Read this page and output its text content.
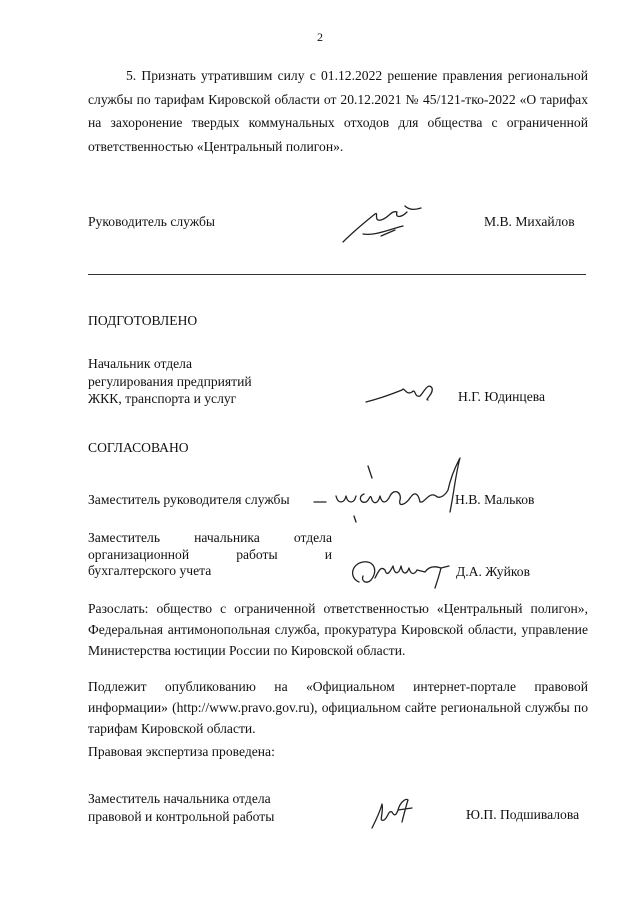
2
5. Признать утратившим силу с 01.12.2022 решение правления региональной службы по тарифам Кировской области от 20.12.2021 № 45/121-тко-2022 «О тарифах на захоронение твердых коммунальных отходов для общества с ограниченной ответственностью «Центральный полигон».
Руководитель службы	М.В. Михайлов
ПОДГОТОВЛЕНО
Начальник отдела
регулирования предприятий
ЖКК, транспорта и услуг	Н.Г. Юдинцева
СОГЛАСОВАНО
Заместитель руководителя службы	Н.В. Мальков
Заместитель	начальника	отдела
организационной	работы	и
бухгалтерского учета	Д.А. Жуйков
Разослать: общество с ограниченной ответственностью «Центральный полигон», Федеральная антимонопольная служба, прокуратура Кировской области, управление Министерства юстиции России по Кировской области.
Подлежит опубликованию на «Официальном интернет-портале правовой информации» (http://www.pravo.gov.ru), официальном сайте региональной службы по тарифам Кировской области.
Правовая экспертиза проведена:
Заместитель начальника отдела
правовой и контрольной работы	Ю.П. Подшивалова
